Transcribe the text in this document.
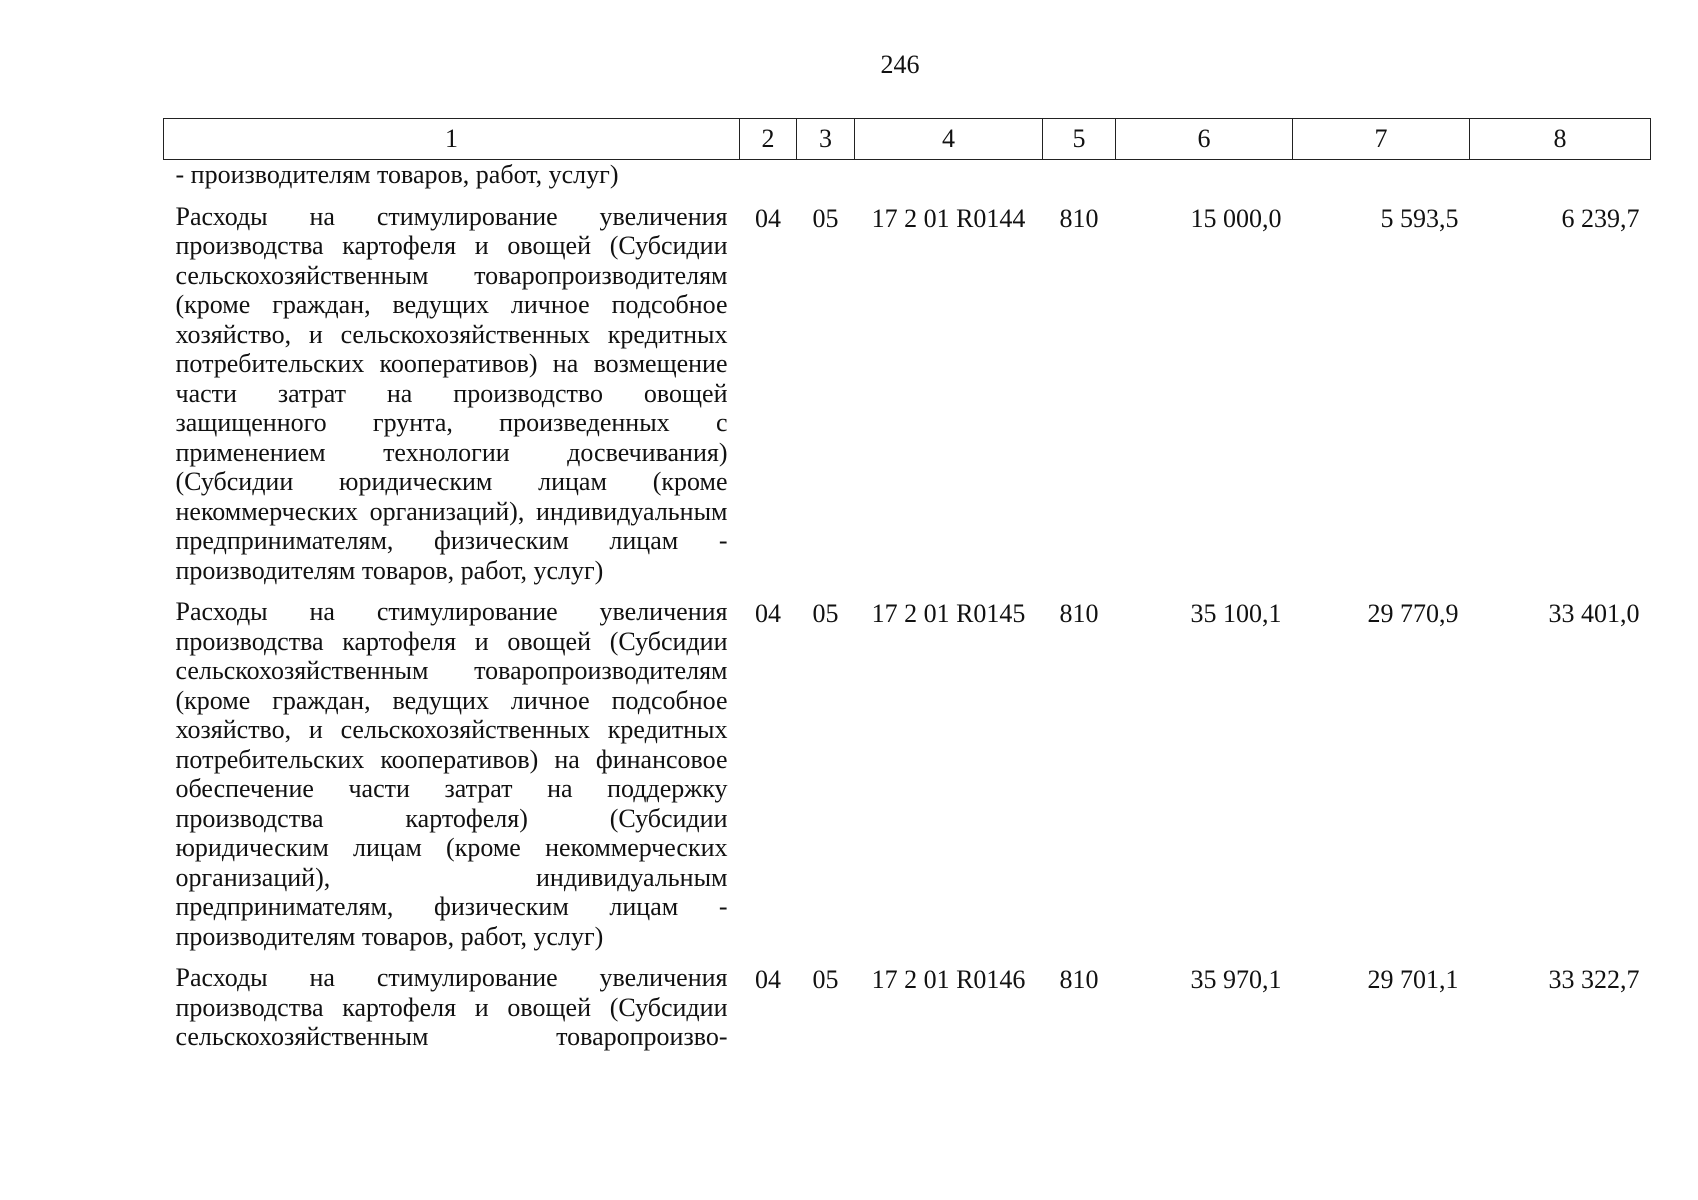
246
1	2	3	4	5	6	7	8
- производителям товаров, работ, услуг)							
Расходы на стимулирование увеличения производства картофеля и овощей (Субсидии сельскохозяйственным товаропроизводителям (кроме граждан, ведущих личное подсобное хозяйство, и сельскохозяйственных кредитных потребительских кооперативов) на возмещение части затрат на производство овощей защищенного грунта, произведенных с применением технологии досвечивания) (Субсидии юридическим лицам (кроме некоммерческих организаций), индивидуальным предпринимателям, физическим лицам - производителям товаров, работ, услуг)	04	05	17 2 01 R0144	810	15 000,0	5 593,5	6 239,7
Расходы на стимулирование увеличения производства картофеля и овощей (Субсидии сельскохозяйственным товаропроизводителям (кроме граждан, ведущих личное подсобное хозяйство, и сельскохозяйственных кредитных потребительских кооперативов) на финансовое обеспечение части затрат на поддержку производства картофеля) (Субсидии юридическим лицам (кроме некоммерческих организаций), индивидуальным предпринимателям, физическим лицам - производителям товаров, работ, услуг)	04	05	17 2 01 R0145	810	35 100,1	29 770,9	33 401,0
Расходы на стимулирование увеличения производства картофеля и овощей (Субсидии сельскохозяйственным товаропроизво-	04	05	17 2 01 R0146	810	35 970,1	29 701,1	33 322,7
